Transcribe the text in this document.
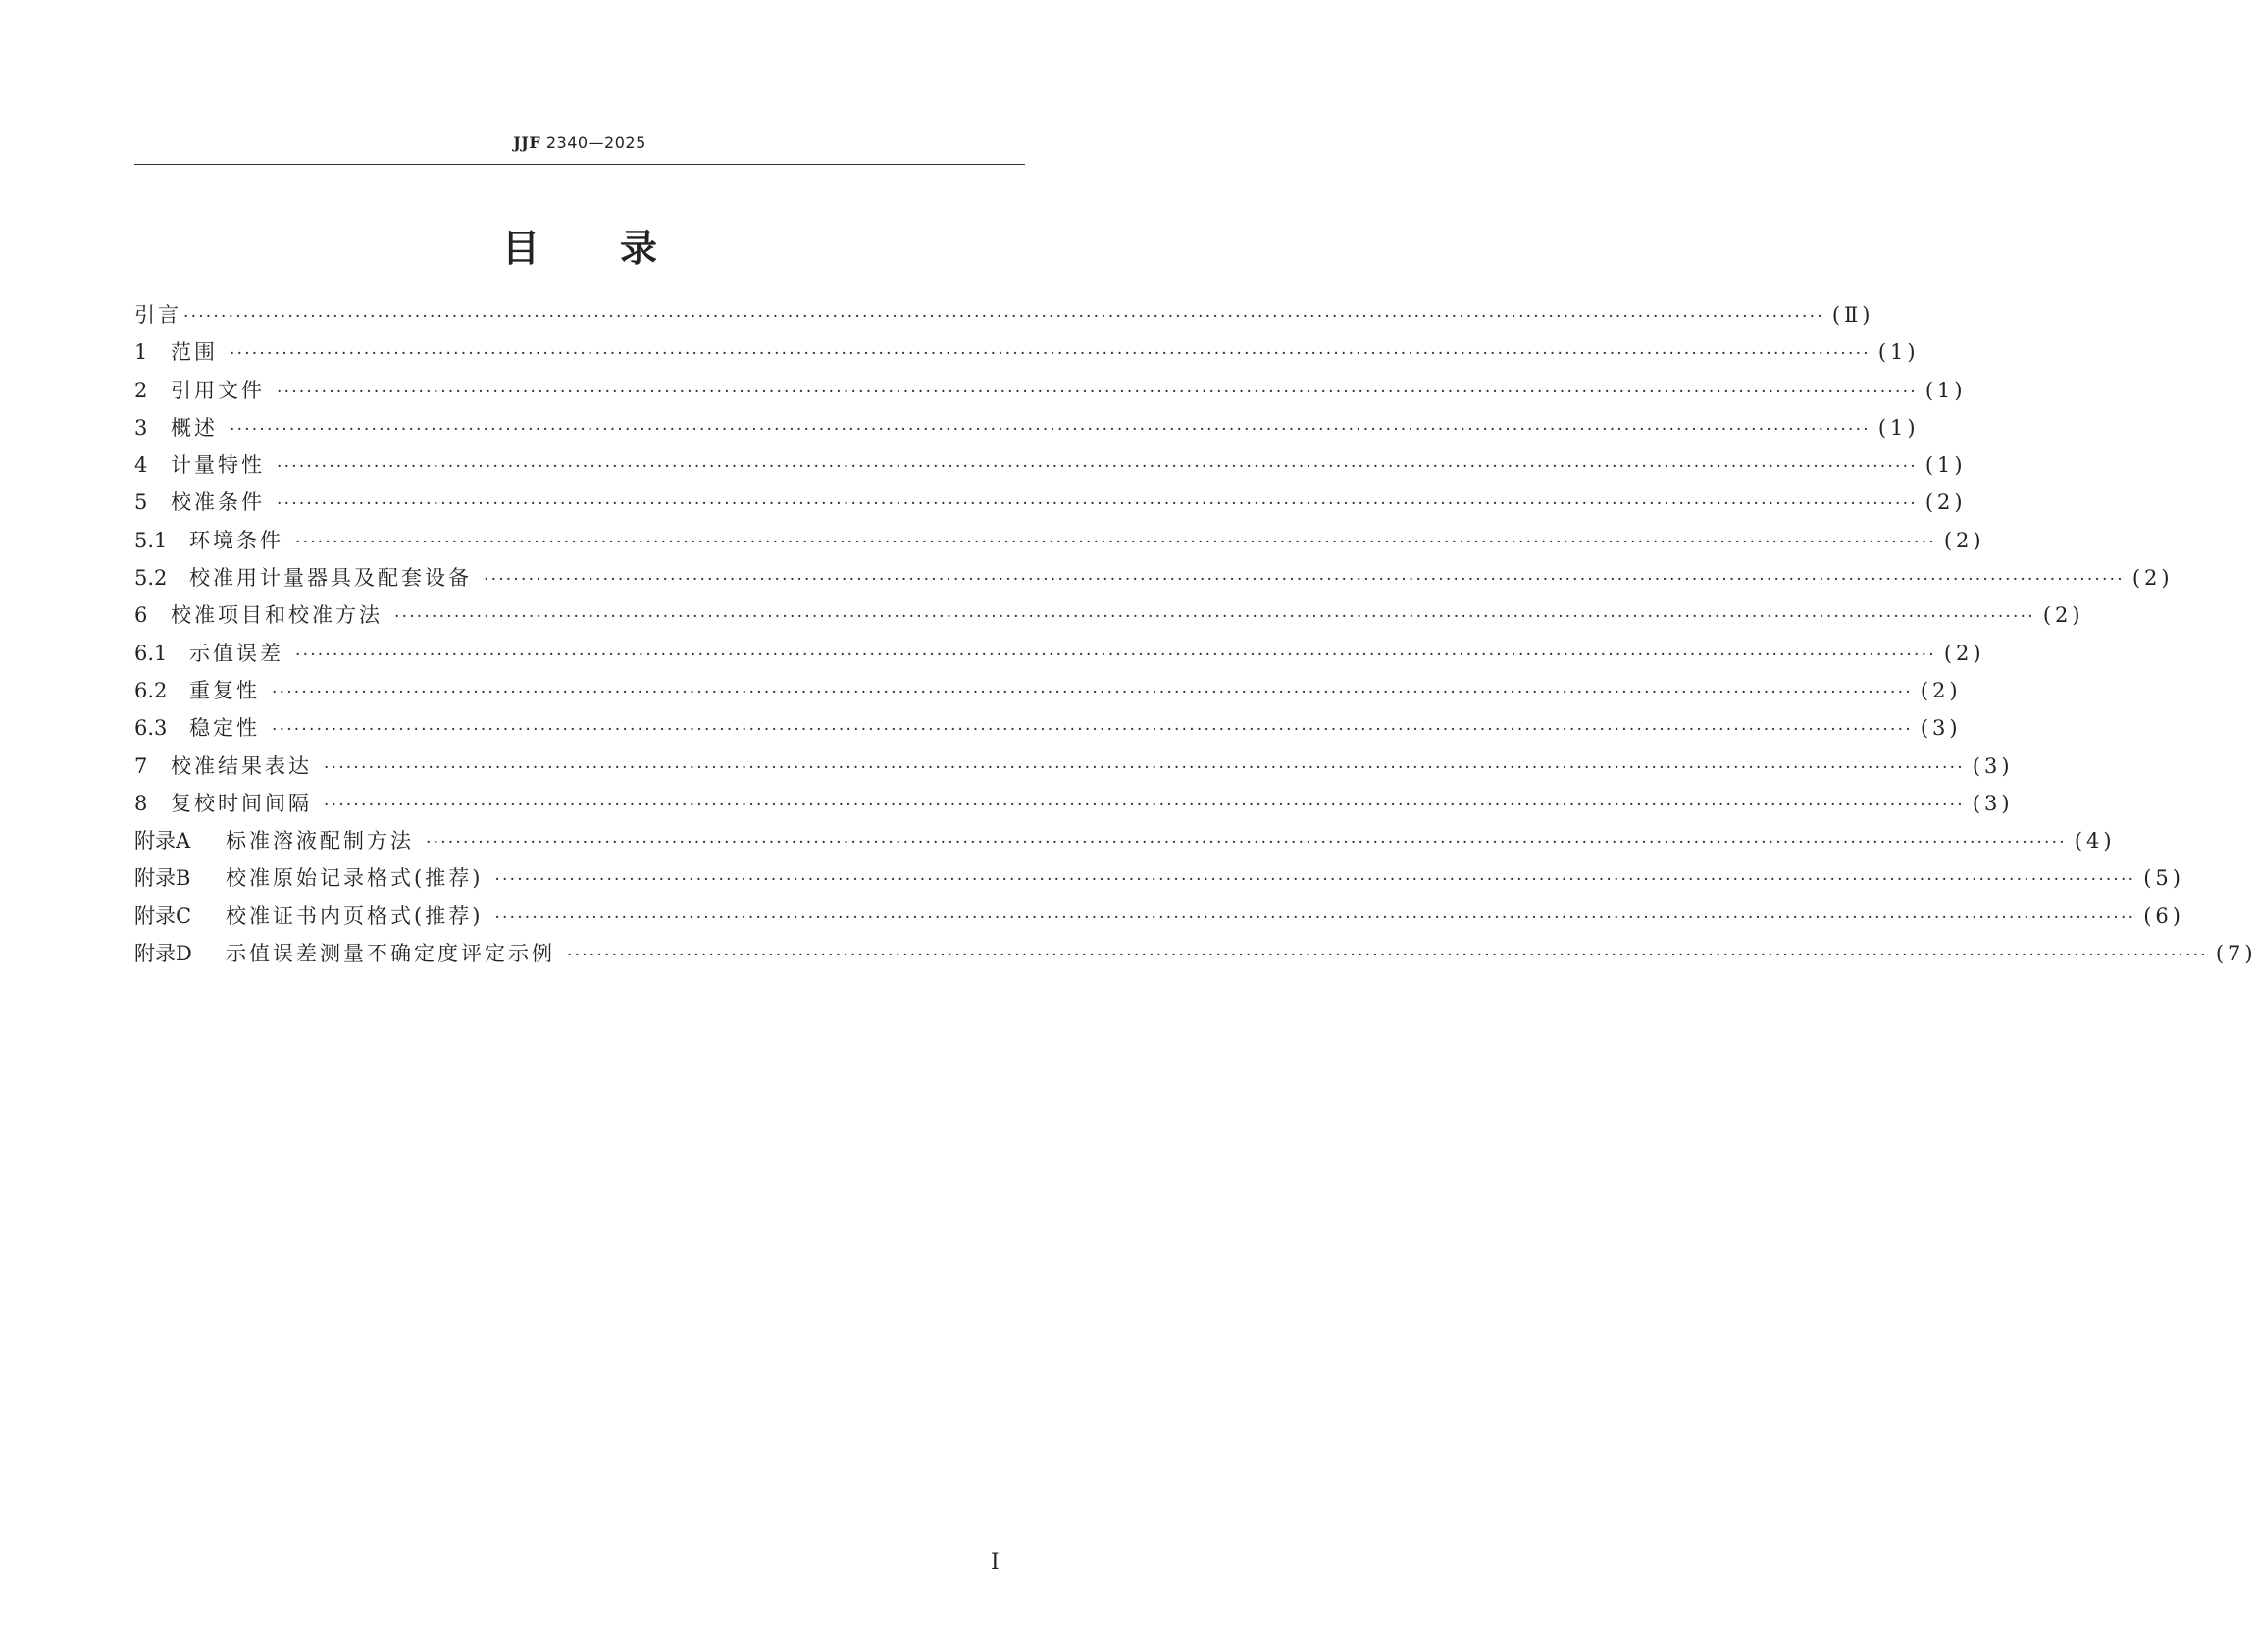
JJF 2340—2025
目录
引言 ···························································································································································································································· (Ⅱ)
1	范围 ···························································································································································································································· (1)
2	引用文件 ···························································································································································································································· (1)
3	概述 ···························································································································································································································· (1)
4	计量特性 ···························································································································································································································· (1)
5	校准条件 ···························································································································································································································· (2)
5.1	环境条件 ···························································································································································································································· (2)
5.2	校准用计量器具及配套设备 ···························································································································································································································· (2)
6	校准项目和校准方法 ···························································································································································································································· (2)
6.1	示值误差 ···························································································································································································································· (2)
6.2	重复性 ···························································································································································································································· (2)
6.3	稳定性 ···························································································································································································································· (3)
7	校准结果表达 ···························································································································································································································· (3)
8	复校时间间隔 ···························································································································································································································· (3)
附录A	标准溶液配制方法 ···························································································································································································································· (4)
附录B	校准原始记录格式(推荐) ···························································································································································································································· (5)
附录C	校准证书内页格式(推荐) ···························································································································································································································· (6)
附录D	示值误差测量不确定度评定示例 ···························································································································································································································· (7)
I
